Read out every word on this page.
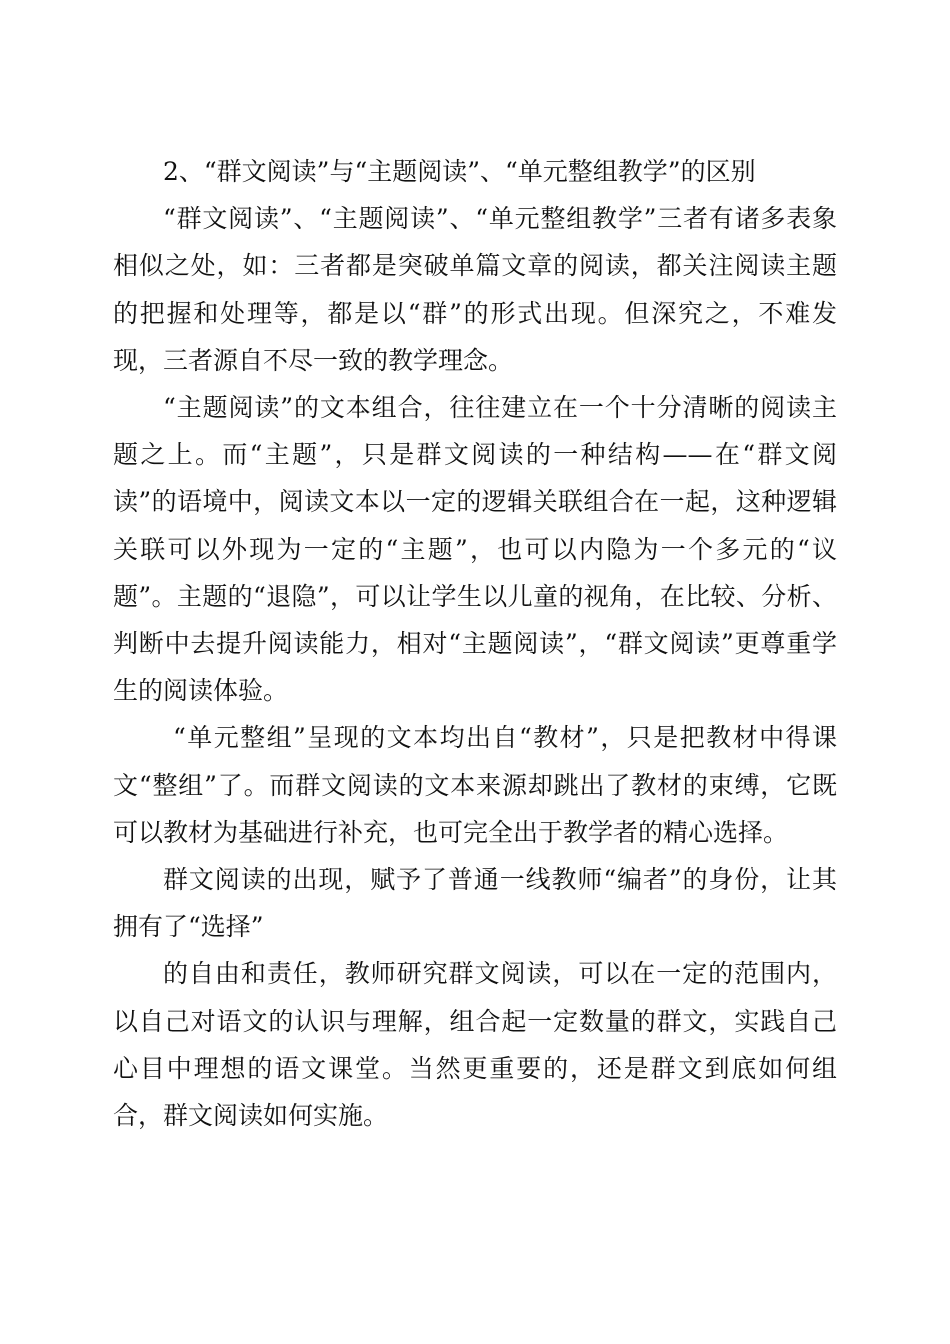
2、“群文阅读”与“主题阅读”、“单元整组教学”的区别

“群文阅读”、“主题阅读”、“单元整组教学”三者有诸多表象相似之处，如：三者都是突破单篇文章的阅读，都关注阅读主题的把握和处理等，都是以“群”的形式出现。但深究之，不难发现，三者源自不尽一致的教学理念。

“主题阅读”的文本组合，往往建立在一个十分清晰的阅读主题之上。而“主题”，只是群文阅读的一种结构——在“群文阅读”的语境中，阅读文本以一定的逻辑关联组合在一起，这种逻辑关联可以外现为一定的“主题”，也可以内隐为一个多元的“议题”。主题的“退隐”，可以让学生以儿童的视角，在比较、分析、判断中去提升阅读能力，相对“主题阅读”，“群文阅读”更尊重学生的阅读体验。

“单元整组”呈现的文本均出自“教材”，只是把教材中得课文“整组”了。而群文阅读的文本来源却跳出了教材的束缚，它既可以教材为基础进行补充，也可完全出于教学者的精心选择。

群文阅读的出现，赋予了普通一线教师“编者”的身份，让其拥有了“选择”

的自由和责任，教师研究群文阅读，可以在一定的范围内，以自己对语文的认识与理解，组合起一定数量的群文，实践自己心目中理想的语文课堂。当然更重要的，还是群文到底如何组合，群文阅读如何实施。
